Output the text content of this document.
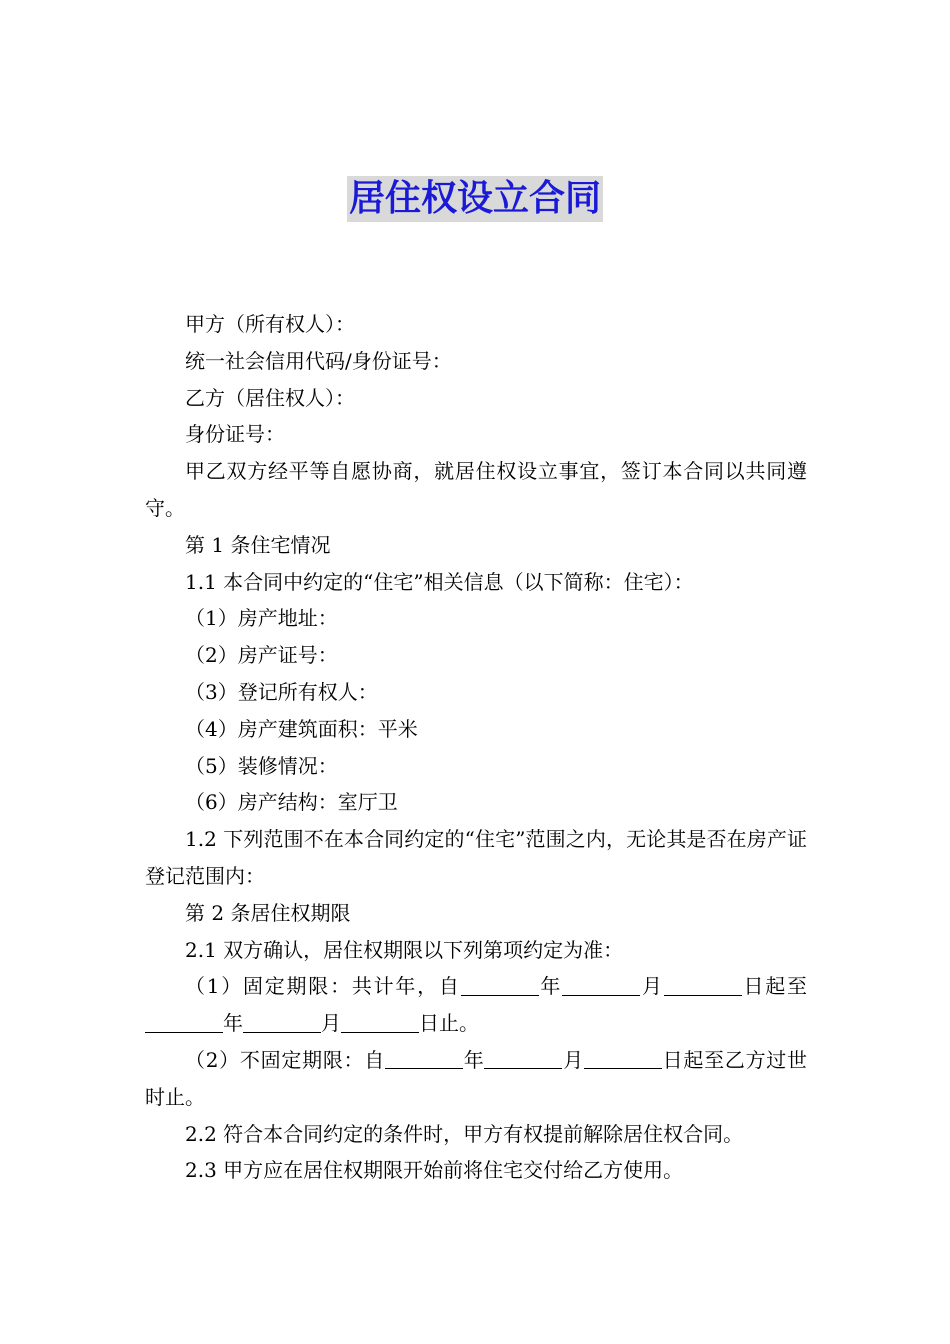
居住权设立合同

甲方（所有权人）：

统一社会信用代码/身份证号：

乙方（居住权人）：

身份证号：

甲乙双方经平等自愿协商，就居住权设立事宜，签订本合同以共同遵守。

第 1 条住宅情况

1.1 本合同中约定的“住宅”相关信息（以下简称：住宅）：

（1）房产地址：

（2）房产证号：

（3）登记所有权人：

（4）房产建筑面积：平米

（5）装修情况：

（6）房产结构：室厅卫

1.2 下列范围不在本合同约定的“住宅”范围之内，无论其是否在房产证登记范围内：

第 2 条居住权期限

2.1 双方确认，居住权期限以下列第项约定为准：

（1）固定期限：共计年，自	年	月	日起至年	月	日止。

（2）不固定期限：自	年	月	日起至乙方过世时止。

2.2 符合本合同约定的条件时，甲方有权提前解除居住权合同。

2.3 甲方应在居住权期限开始前将住宅交付给乙方使用。
